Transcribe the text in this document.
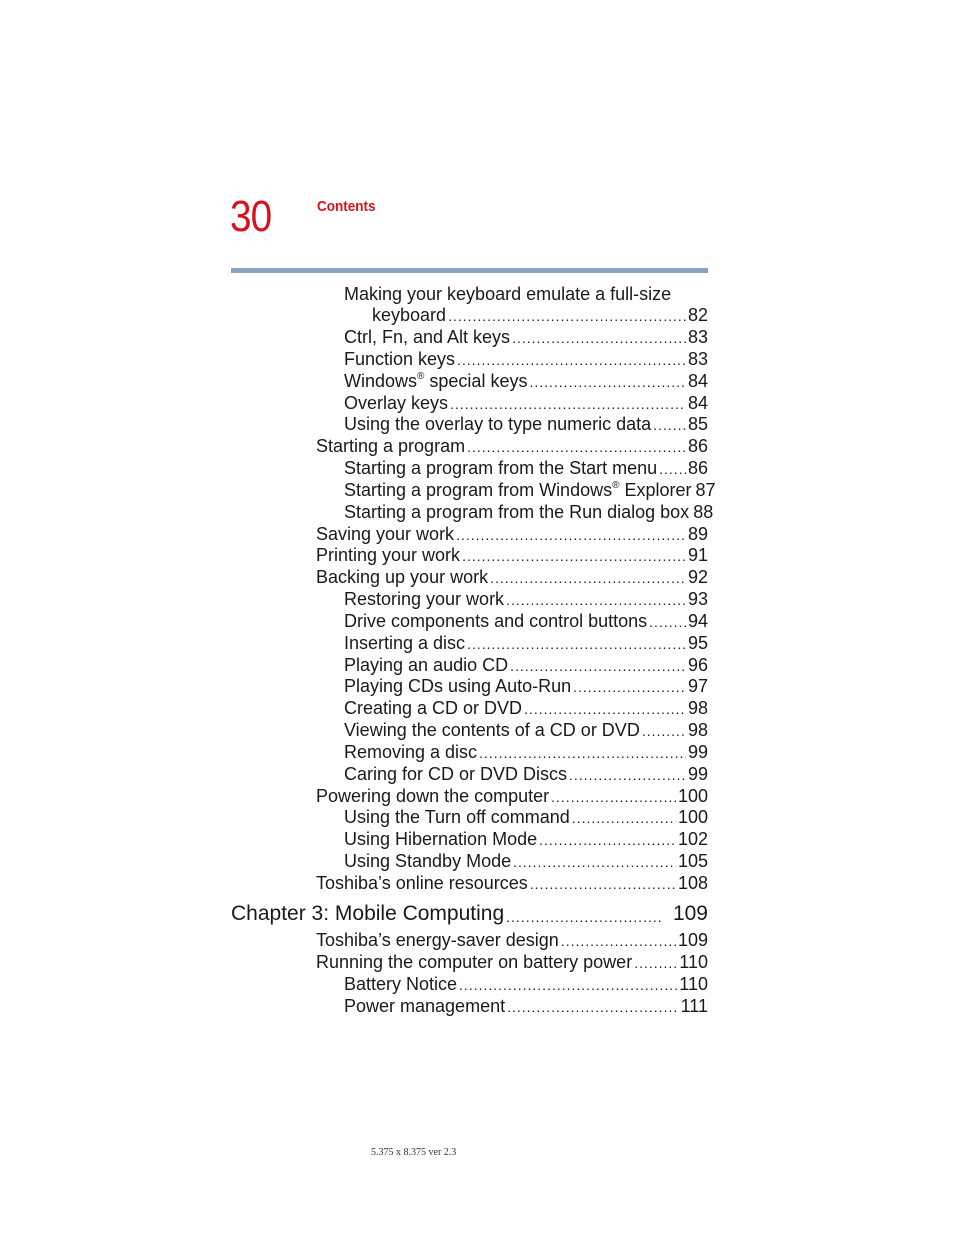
30	Contents
Making your keyboard emulate a full-size
keyboard .....	82
Ctrl, Fn, and Alt keys .....	83
Function keys .....	83
Windows® special keys .....	84
Overlay keys .....	84
Using the overlay to type numeric data ..... 85
Starting a program .....	86
Starting a program from the Start menu ..... 86
Starting a program from Windows® Explorer 87
Starting a program from the Run dialog box 88
Saving your work .....	89
Printing your work .....	91
Backing up your work .....	92
Restoring your work .....	93
Drive components and control buttons ..... 94
Inserting a disc .....	95
Playing an audio CD .....	96
Playing CDs using Auto-Run .....	97
Creating a CD or DVD .....	98
Viewing the contents of a CD or DVD .....	98
Removing a disc .....	99
Caring for CD or DVD Discs .....	99
Powering down the computer .....	100
Using the Turn off command .....	100
Using Hibernation Mode .....	102
Using Standby Mode .....	105
Toshiba’s online resources .....	108
Chapter 3: Mobile Computing .....	109
Toshiba’s energy-saver design .....	109
Running the computer on battery power .....	110
Battery Notice .....	110
Power management .....	111
5.375 x 8.375 ver 2.3
